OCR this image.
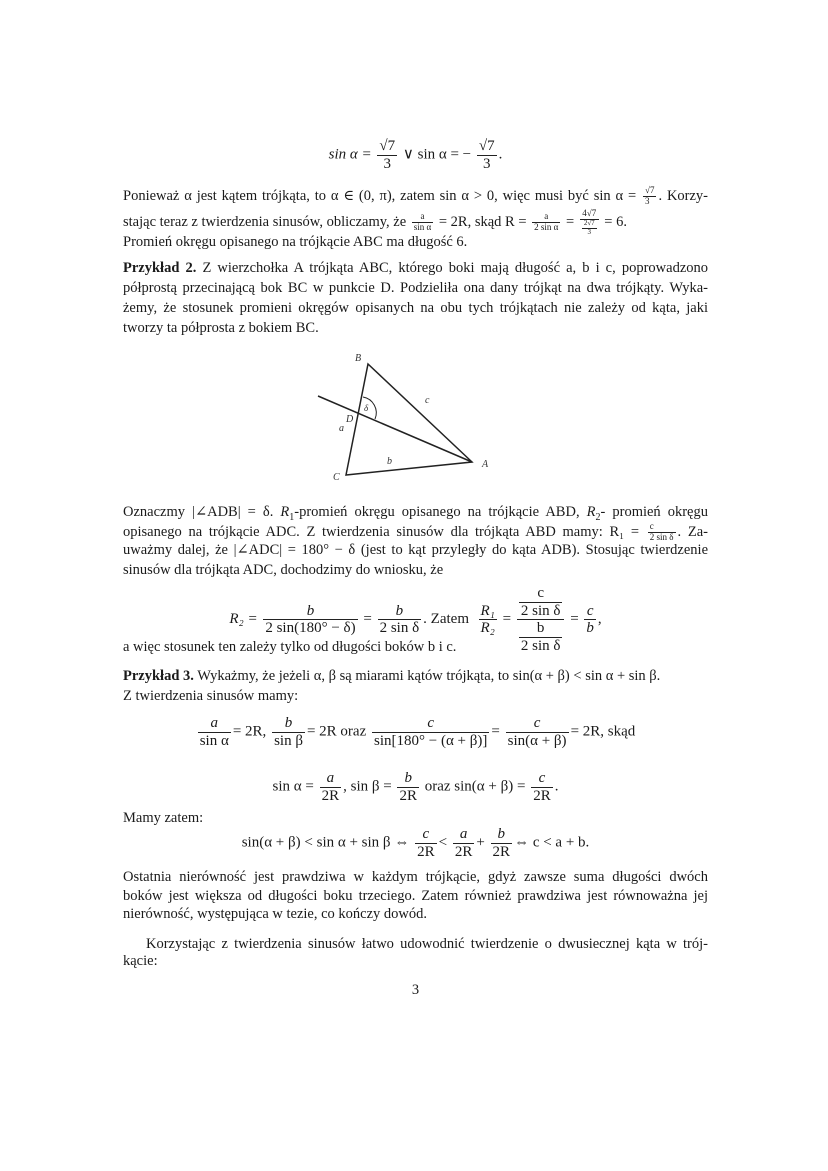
$\sin \alpha = \frac{√7}{3}$ ∨ sin α = − $\frac{√7}{3}$ .
Ponieważ α jest kątem trójkąta, to α ∈ (0, π), zatem sin α > 0, więc musi być $\sin \alpha = \frac{√7}{3}$ . Korzy-
stając teraz z twierdzenia sinusów, obliczamy, że $\frac{a}{\text{sin α}} = 2R$, skąd $R = \frac{a}{\text{2 sin α}} = \frac{4√7}{\frac{2√7}{3}} = 6$.
Promień okręgu opisanego na trójkącie ABC ma długość 6.
Przykład 2. Z wierzchołka A trójkąta ABC, którego boki mają długość a, b i c, poprowadzono
półprostą przecinającą bok BC w punkcie D. Podzieliła ona dany trójkąt na dwa trójkąty. Wyka-
żemy, że stosunek promieni okręgów opisanych na obu tych trójkątach nie zależy od kąta, jaki
tworzy ta półprosta z bokiem BC.
B
A
C
D
a
b
c
δ
Oznaczmy |∠ADB| = δ. $R_1$-promień okręgu opisanego na trójkącie ABD, $R_2-$ promień okręgu
opisanego na trójkącie ADC. Z twierdzenia sinusów dla trójkąta ABD mamy: $R_1 = \frac{c}{\text{2 sin δ}}$ . Za-
uważmy dalej, że |∠ADC| = 180° − δ (jest to kąt przyległy do kąta ADB). Stosując twierdzenie
sinusów dla trójkąta ADC, dochodzimy do wniosku, że
$R_2 = \frac{b}{2 \sin(180^\circ - \delta)} = \frac{b}{\text{2 sin δ}}$ . Zatem $\frac{\text{R₁}}{\text{R₂}} = c$
2 sin δ
$\frac{b}{\text{2 sin δ}} = \frac{c}{b}$ ,
a więc stosunek ten zależy tylko od długości boków b i c.
Przykład 3. Wykażmy, że jeżeli α, β są miarami kątów trójkąta, to sin(α + β) < sin α + sin β.
Z twierdzenia sinusów mamy:
$\frac{a}{\text{sin α}} = 2R$, $\frac{b}{\text{sin β}} = 2R$ oraz $\frac{c}{\sin[180^\circ - (\alpha + \beta)]} = \frac{c}{\sin(\alpha + \beta)} = 2R$, skąd
$\sin \alpha = \frac{a}{2R}$ , $\sin \beta = \frac{b}{2R}$ oraz $\sin(\alpha + \beta) = \frac{c}{2R}$ .
Mamy zatem:
sin(α + β) < sin α + sin β ⇔ $\frac{c}{2R} < \frac{a}{2R} + \frac{b}{2R}$ ⇔ c < a + b.
Ostatnia nierówność jest prawdziwa w każdym trójkącie, gdyż zawsze suma długości dwóch
boków jest większa od długości boku trzeciego. Zatem również prawdziwa jest równoważna jej
nierówność, występująca w tezie, co kończy dowód.
Korzystając z twierdzenia sinusów łatwo udowodnić twierdzenie o dwusiecznej kąta w trój-
kącie:
3
